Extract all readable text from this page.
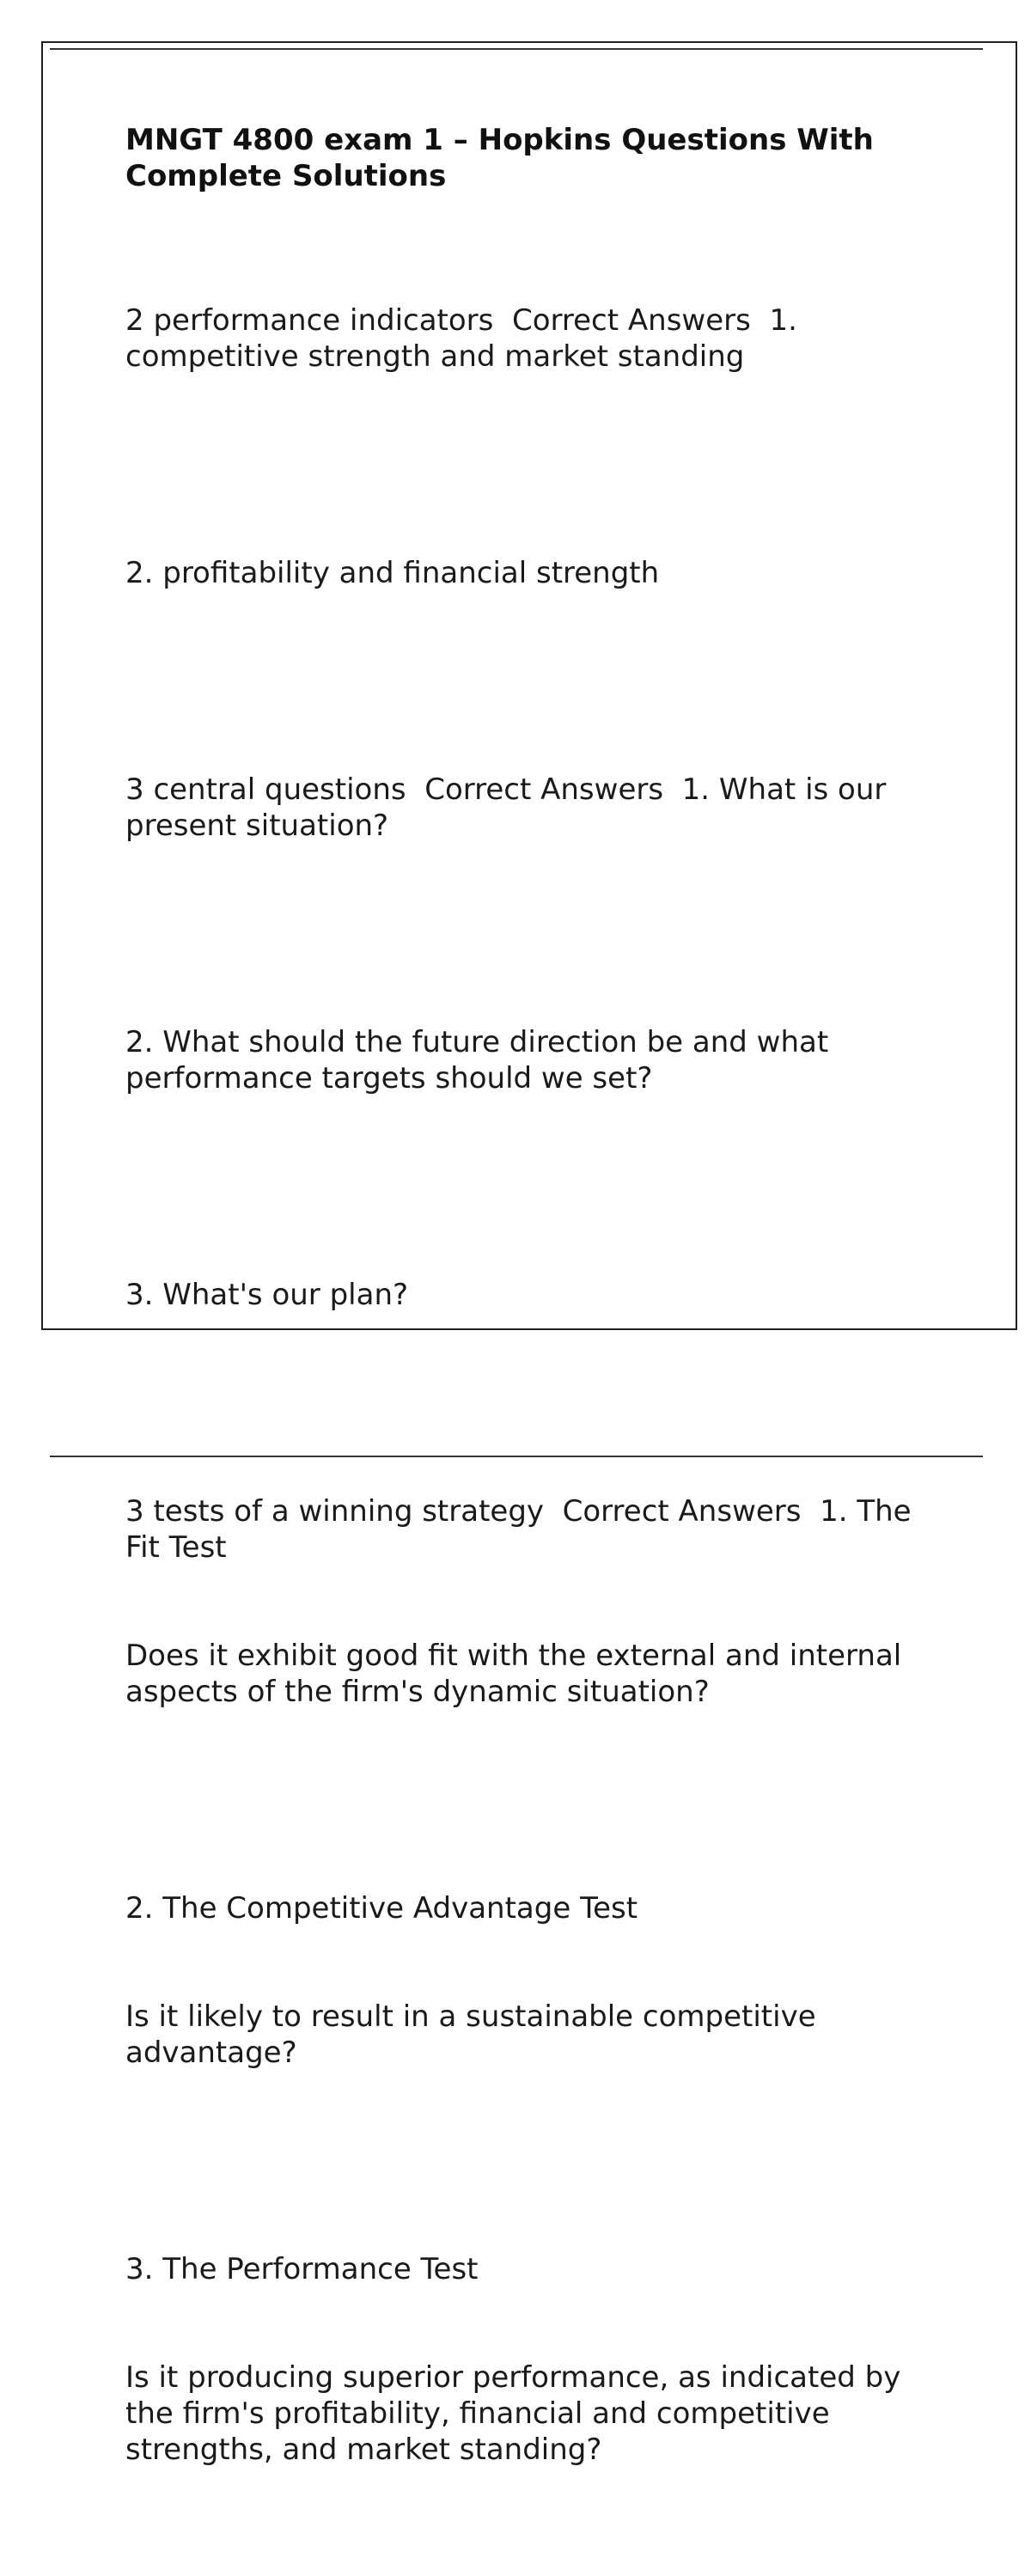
MNGT 4800 exam 1 – Hopkins Questions With Complete Solutions

2 performance indicators  Correct Answers  1. competitive strength and market standing

2. profitability and financial strength

3 central questions  Correct Answers  1. What is our present situation?

2. What should the future direction be and what performance targets should we set?

3. What's our plan?

3 tests of a winning strategy  Correct Answers  1. The Fit Test

Does it exhibit good fit with the external and internal aspects of the firm's dynamic situation?

2. The Competitive Advantage Test

Is it likely to result in a sustainable competitive advantage?

3. The Performance Test

Is it producing superior performance, as indicated by the firm's profitability, financial and competitive strengths, and market standing?
